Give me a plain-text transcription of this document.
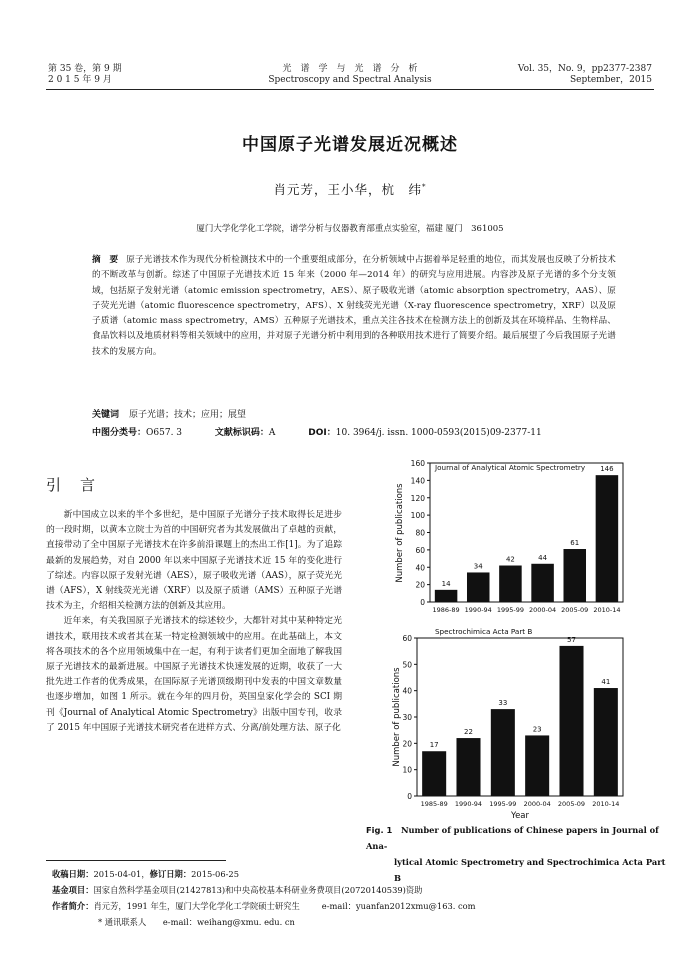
第 35 卷，第 9 期
2 0 1 5 年 9 月
光　谱　学　与　光　谱　分　析
Spectroscopy and Spectral Analysis
Vol. 35，No. 9，pp2377-2387
September，2015
中国原子光谱发展近况概述
肖元芳，王小华，杭　纬*
厦门大学化学化工学院，谱学分析与仪器教育部重点实验室，福建 厦门　361005
摘　要 原子光谱技术作为现代分析检测技术中的一个重要组成部分，在分析领域中占据着举足轻重的地位，而其发展也反映了分析技术的不断改革与创新。综述了中国原子光谱技术近 15 年来（2000 年—2014 年）的研究与应用进展。内容涉及原子光谱的多个分支领域，包括原子发射光谱（atomic emission spectrometry，AES）、原子吸收光谱（atomic absorption spectrometry，AAS）、原子荧光光谱（atomic fluorescence spectrometry，AFS）、X 射线荧光光谱（X-ray fluorescence spectrometry，XRF）以及原子质谱（atomic mass spectrometry，AMS）五种原子光谱技术，重点关注各技术在检测方法上的创新及其在环境样品、生物样品、食品饮料以及地质材料等相关领域中的应用，并对原子光谱分析中利用到的各种联用技术进行了简要介绍。最后展望了今后我国原子光谱技术的发展方向。
关键词 原子光谱；技术；应用；展望
中图分类号：O657. 3	文献标识码：A	DOI：10. 3964/j. issn. 1000-0593(2015)09-2377-11
引　言

新中国成立以来的半个多世纪，是中国原子光谱分子技术取得长足进步的一段时期，以黄本立院士为首的中国研究者为其发展做出了卓越的贡献，直接带动了全中国原子光谱技术在许多前沿课题上的杰出工作[1]。为了追踪最新的发展趋势，对自 2000 年以来中国原子光谱技术近 15 年的变化进行了综述。内容以原子发射光谱（AES），原子吸收光谱（AAS），原子荧光光谱（AFS），X 射线荧光光谱（XRF）以及原子质谱（AMS）五种原子光谱技术为主，介绍相关检测方法的创新及其应用。

近年来，有关我国原子光谱技术的综述较少，大都针对其中某种特定光谱技术，联用技术或者其在某一特定检测领域中的应用。在此基础上，本文将各项技术的各个应用领域集中在一起，有利于读者们更加全面地了解我国原子光谱技术的最新进展。中国原子光谱技术快速发展的近期，收获了一大批先进工作者的优秀成果，在国际原子光谱顶级期刊中发表的中国文章数量也逐步增加，如图 1 所示。就在今年的四月份，英国皇家化学会的 SCI 期刊《Journal of Analytical Atomic Spectrometry》出版中国专刊，收录了 2015 年中国原子光谱技术研究者在进样方式、分离/前处理方法、原子化

0
20
40
60
80
100
120
140
160
14
1986-89
34
1990-94
42
1995-99
44
2000-04
61
2005-09
146
2010-14
Journal of Analytical Atomic Spectrometry
Number of publications
0
10
20
30
40
50
60
17
1985-89
22
1990-94
33
1995-99
23
2000-04
57
2005-09
41
2010-14
Spectrochimica Acta Part B
Number of publications
Year
Fig. 1 Number of publications of Chinese papers in Journal of Ana-
lytical Atomic Spectrometry and Spectrochimica Acta Part B
收稿日期：2015-04-01，修订日期：2015-06-25
基金项目：国家自然科学基金项目(21427813)和中央高校基本科研业务费项目(20720140539)资助
作者简介：肖元芳，1991 年生，厦门大学化学化工学院硕士研究生	e-mail：yuanfan2012xmu@163. com
* 通讯联系人　　e-mail：weihang@xmu. edu. cn
